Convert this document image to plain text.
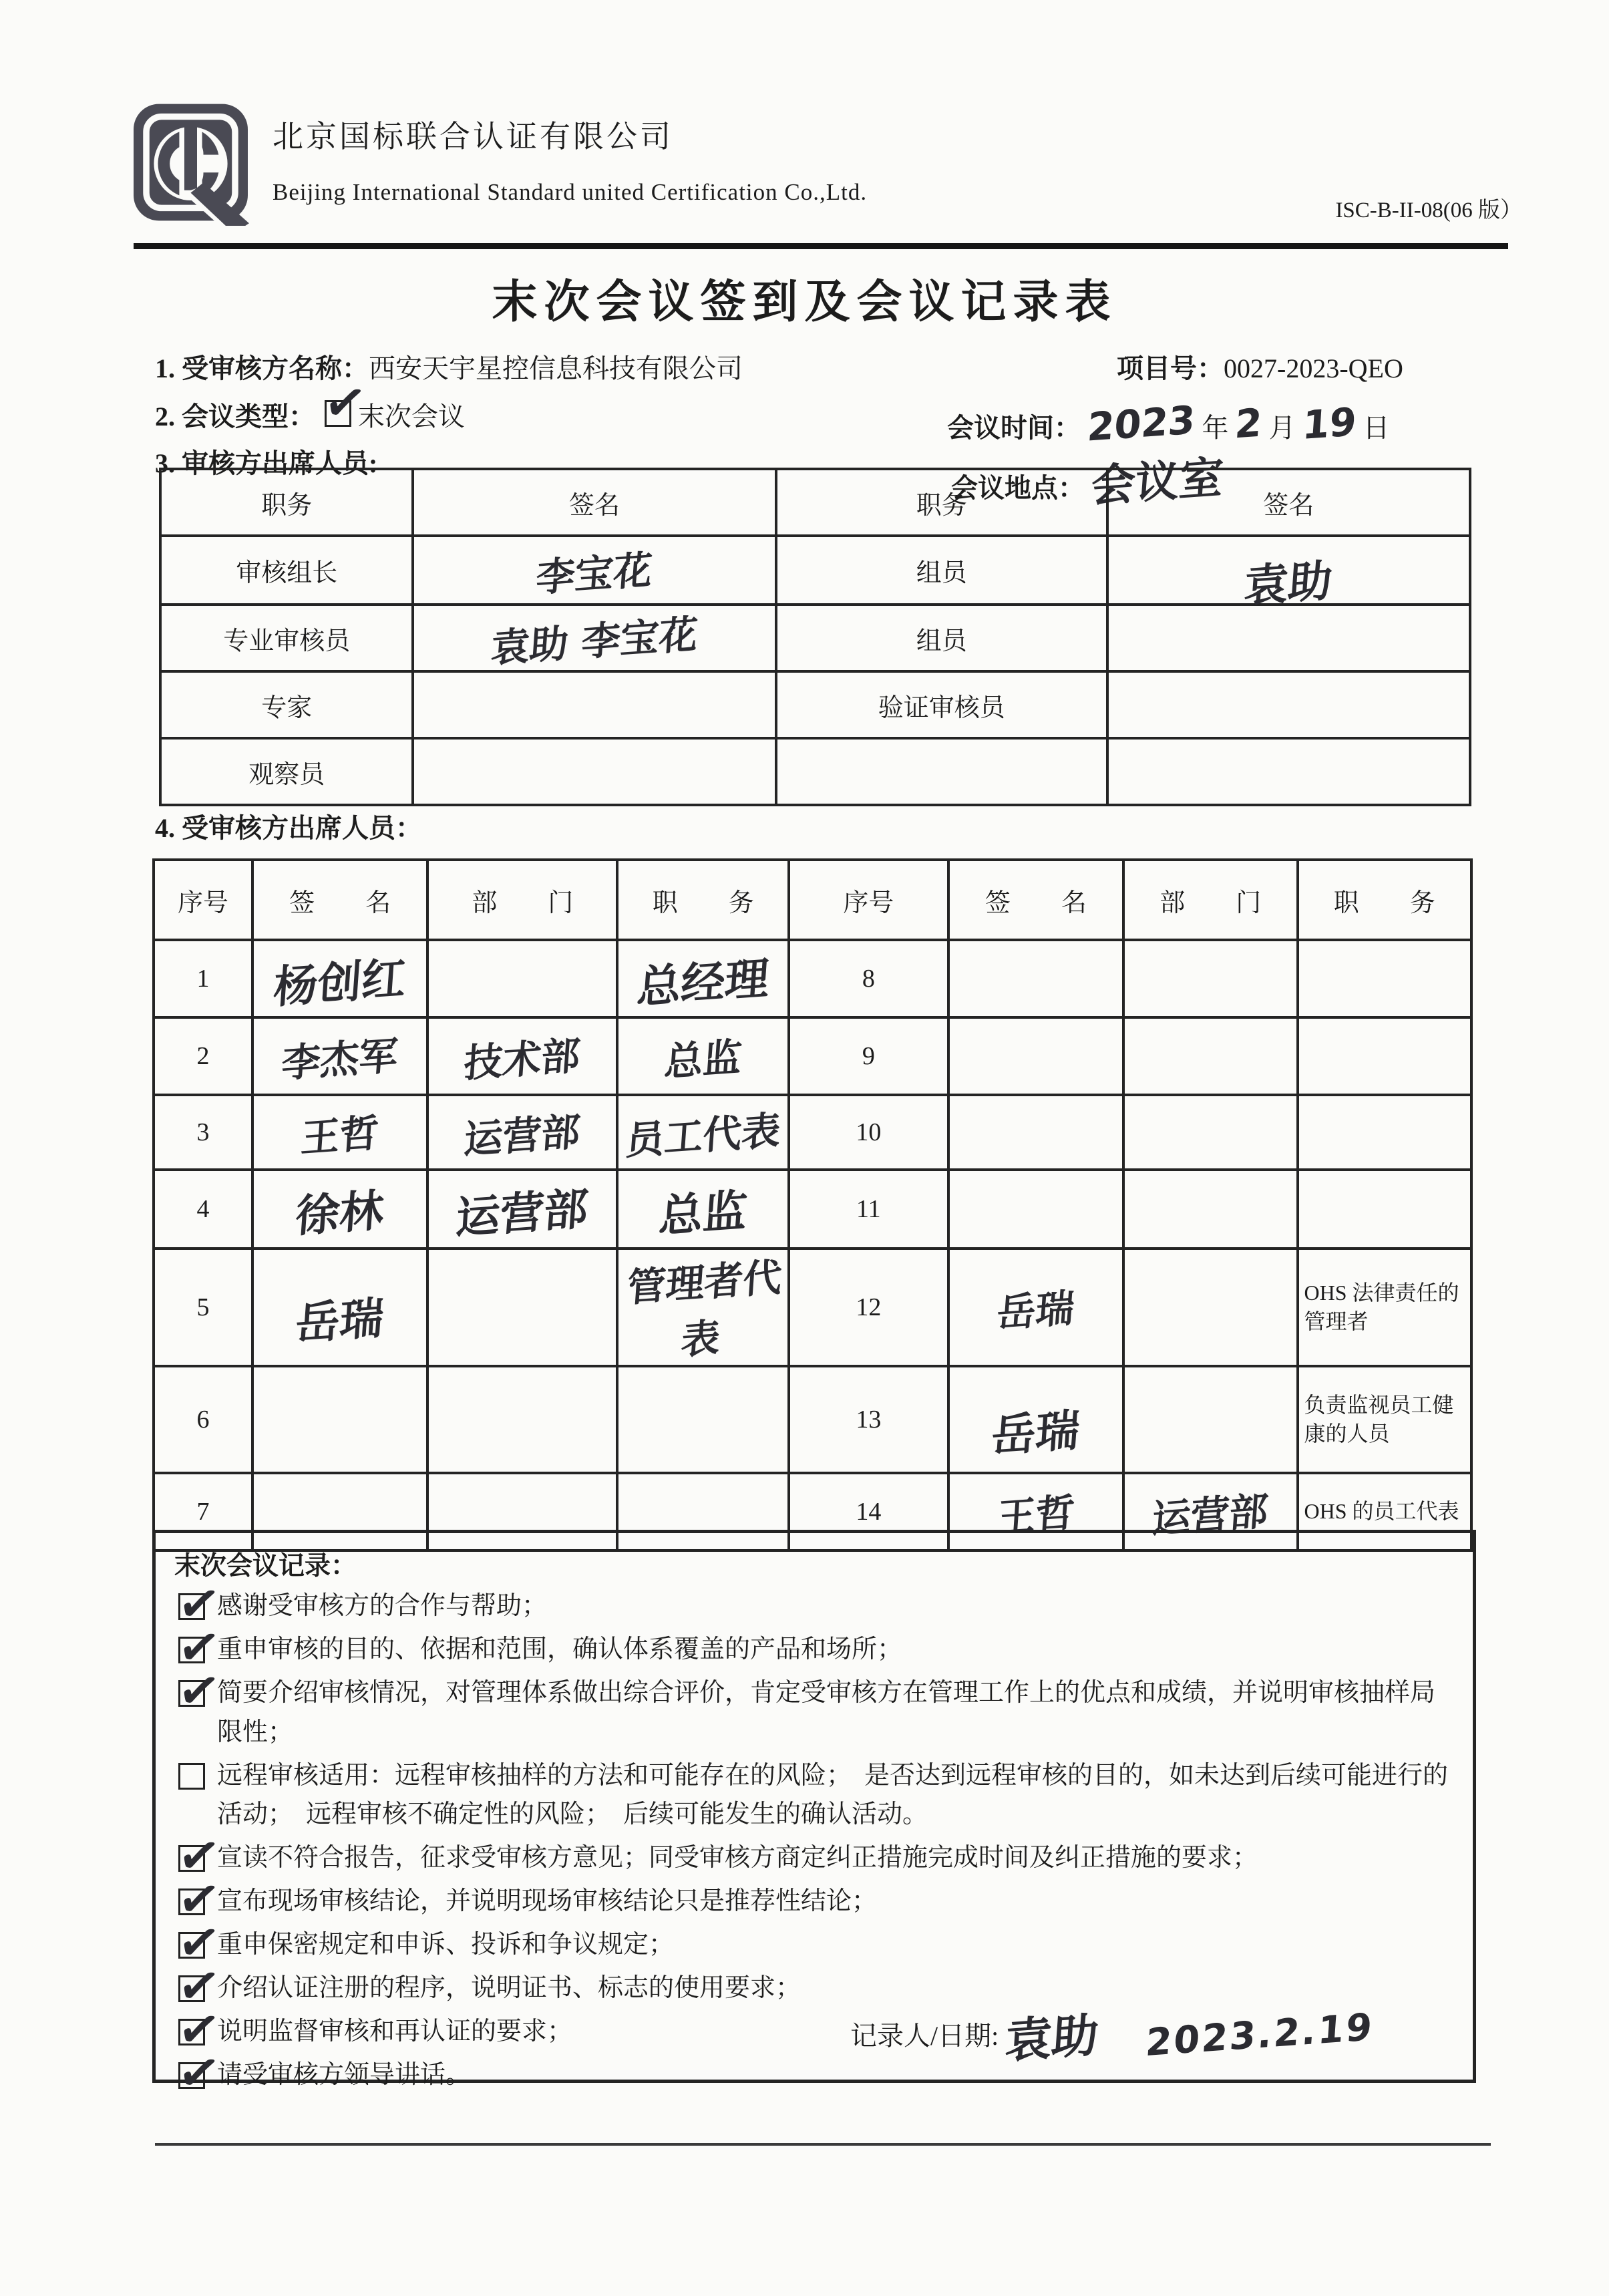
北京国标联合认证有限公司
Beijing International Standard united Certification Co.,Ltd.
ISC-B-II-08(06 版）
末次会议签到及会议记录表
1. 受审核方名称：西安天宇星控信息科技有限公司	项目号：0027-2023-QEO
2. 会议类型： ✓ 末次会议	会议时间： 2023 年 2 月 19 日
3. 审核方出席人员:
会议地点： 会议室
职务	签名	职务	签名
审核组长	李宝花	组员	袁助
专业审核员	袁助 李宝花	组员	
专家		验证审核员	
观察员			
4. 受审核方出席人员：
序号	签　　名	部　　门	职　　务	序号	签　　名	部　　门	职　　务
1	杨创红		总经理	8			
2	李杰军	技术部	总监	9			
3	王哲	运营部	员工代表	10			
4	徐林	运营部	总监	11			
5	岳瑞		管理者代表	12	岳瑞		OHS 法律责任的管理者
6				13	岳瑞		负责监视员工健康的人员
7				14	王哲	运营部	OHS 的员工代表
末次会议记录：
✓
感谢受审核方的合作与帮助；
✓
重申审核的目的、依据和范围，确认体系覆盖的产品和场所；
✓
简要介绍审核情况，对管理体系做出综合评价，肯定受审核方在管理工作上的优点和成绩，并说明审核抽样局限性；
远程审核适用：远程审核抽样的方法和可能存在的风险；　是否达到远程审核的目的，如未达到后续可能进行的活动；　远程审核不确定性的风险；　后续可能发生的确认活动。
✓
宣读不符合报告，征求受审核方意见；同受审核方商定纠正措施完成时间及纠正措施的要求；
✓
宣布现场审核结论，并说明现场审核结论只是推荐性结论；
✓
重申保密规定和申诉、投诉和争议规定；
✓
介绍认证注册的程序，说明证书、标志的使用要求；
✓
说明监督审核和再认证的要求；
✓
请受审核方领导讲话。
记录人/日期: 袁助 2023.2.19
